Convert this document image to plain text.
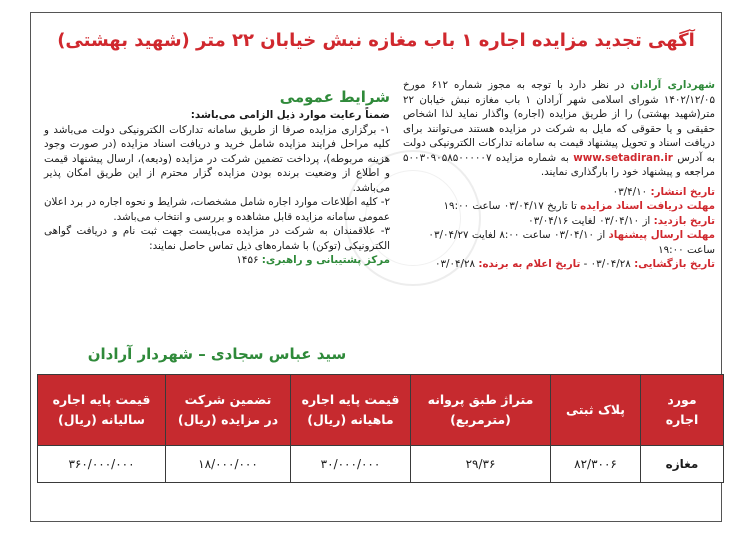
آگهی تجدید مزایده اجاره ۱ باب مغازه نبش خیابان ۲۲ متر (شهید بهشتی)
شهرداری آرادان در نظر دارد با توجه به مجوز شماره ۶۱۲ مورخ ۱۴۰۲/۱۲/۰۵ شورای اسلامی شهر آرادان ۱ باب مغازه نبش خیابان ۲۲ متر(شهید بهشتی) را از طریق مزایده (اجاره) واگذار نماید لذا اشخاص حقیقی و یا حقوقی که مایل به شرکت در مزایده هستند می‌توانند برای دریافت اسناد و تحویل پیشنهاد قیمت به سامانه تدارکات الکترونیکی دولت به آدرس www.setadiran.ir به شماره مزایده ۵۰۰۳۰۹۰۵۸۵۰۰۰۰۰۷ مراجعه و پیشنهاد خود را بارگذاری نمایند.
تاریخ انتشار: ۰۳/۴/۱۰
مهلت دریافت اسناد مزایده تا تاریخ ۰۳/۰۴/۱۷ ساعت ۱۹:۰۰
تاریخ بازدید: از ۰۳/۰۴/۱۰ لغایت ۰۳/۰۴/۱۶
مهلت ارسال پیشنهاد از ۰۳/۰۴/۱۰ ساعت ۸:۰۰ لغایت ۰۳/۰۴/۲۷ ساعت ۱۹:۰۰
تاریخ بازگشایی: ۰۳/۰۴/۲۸ - تاریخ اعلام به برنده: ۰۳/۰۴/۲۸
شرایط عمومی
ضمناً رعایت موارد ذیل الزامی می‌باشد:
۱- برگزاری مزایده صرفا از طریق سامانه تدارکات الکترونیکی دولت می‌باشد و کلیه مراحل فرایند مزایده شامل خرید و دریافت اسناد مزایده (در صورت وجود هزینه مربوطه)، پرداخت تضمین شرکت در مزایده (ودیعه)، ارسال پیشنهاد قیمت و اطلاع از وضعیت برنده بودن مزایده گزار محترم از این طریق امکان پذیر می‌باشد.
۲- کلیه اطلاعات موارد اجاره شامل مشخصات، شرایط و نحوه اجاره در برد اعلان عمومی سامانه مزایده قابل مشاهده و بررسی و انتخاب می‌باشد.
۳- علاقمندان به شرکت در مزایده می‌بایست جهت ثبت نام و دریافت گواهی الکترونیکی (توکن) با شماره‌های ذیل تماس حاصل نمایند:
مرکز پشتیبانی و راهبری: ۱۴۵۶
سید عباس سجادی – شهردار آرادان
مورد اجاره	پلاک ثبتی	متراژ طبق پروانه (مترمربع)	قیمت پایه اجاره ماهیانه (ریال)	تضمین شرکت در مزایده (ریال)	قیمت پایه اجاره سالیانه (ریال)
مغازه	۸۲/۳۰۰۶	۲۹/۳۶	۳۰/۰۰۰/۰۰۰	۱۸/۰۰۰/۰۰۰	۳۶۰/۰۰۰/۰۰۰
